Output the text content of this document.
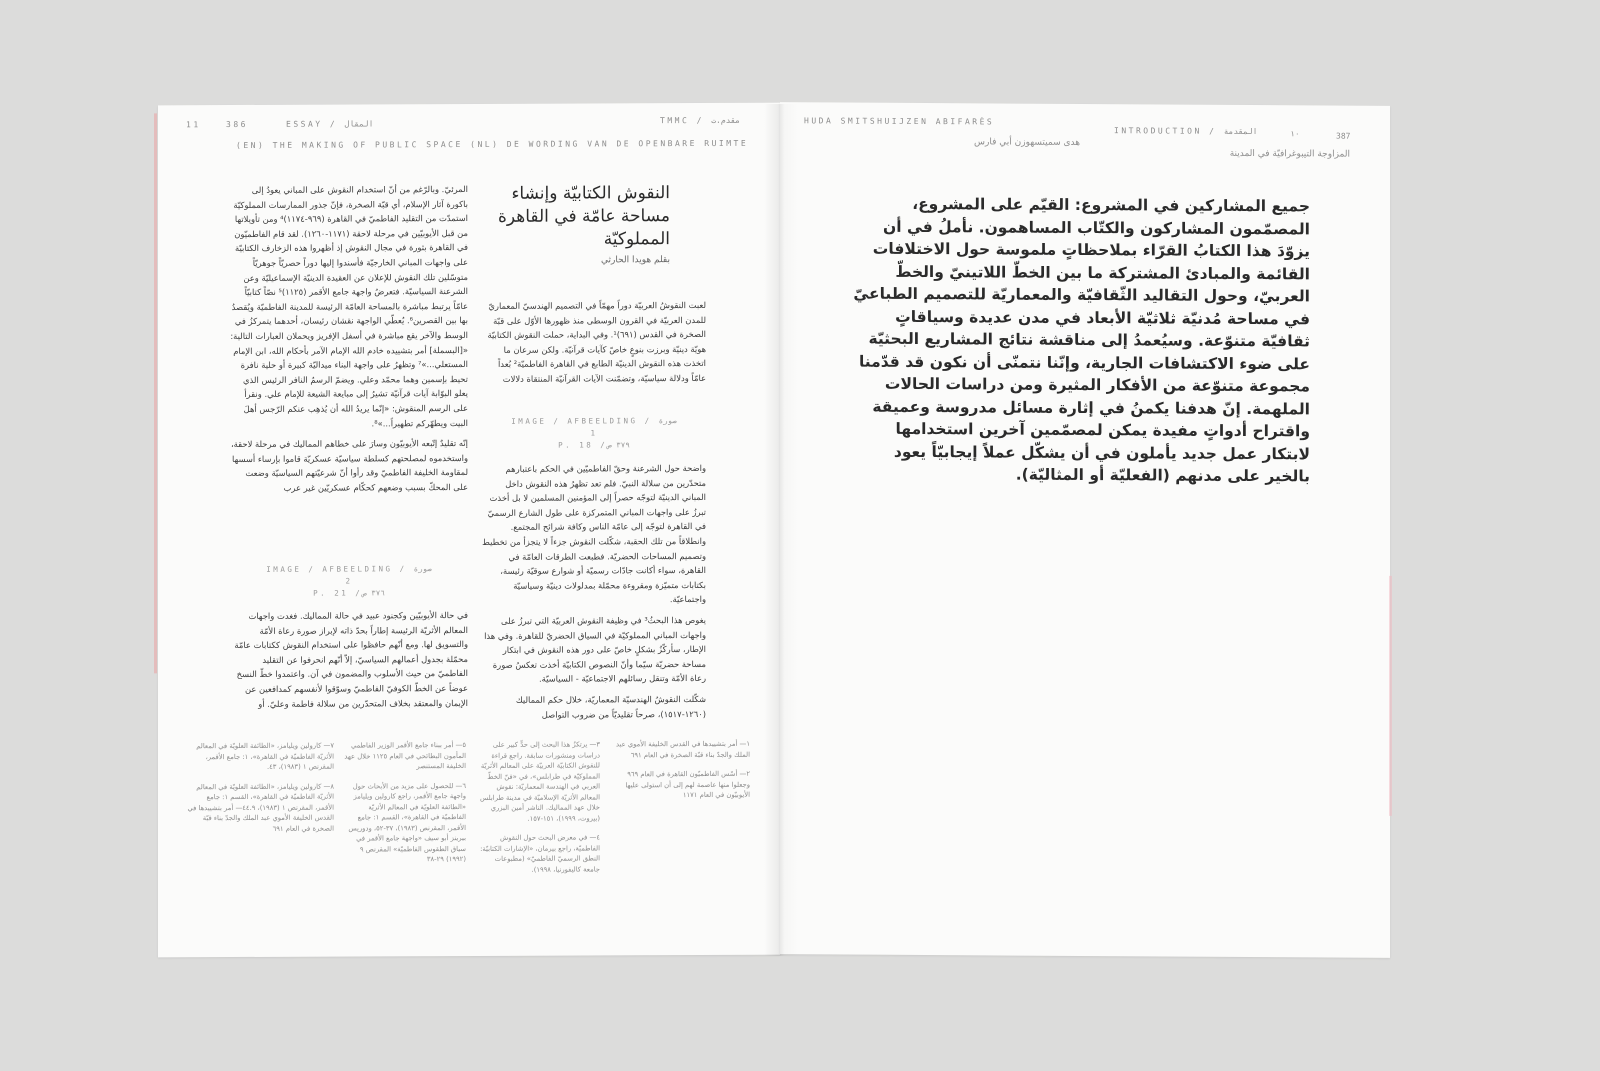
11	386	ESSAY / المقال	TMMC / مقدم.ت
(EN) THE MAKING OF PUBLIC SPACE (NL) DE WORDING VAN DE OPENBARE RUIMTE
النقوش الكتابيّة وإنشاء مساحة عامّة في القاهرة المملوكيّة
بقلم هويدا الحارثي

لعبت النقوشُ العربيّة دوراً مهمّاً في التصميم الهندسيّ المعماريّ للمدن العربيّة في القرون الوسطى منذ ظهورها الأوّل على قبّة الصخرة في القدس (٦٩١)¹. وفي البداية، حملت النقوش الكتابيّة هويّة دينيّة وبرزت بنوعٍ خاصّ كآيات قرآنيّة. ولكن سرعان ما اتخذت هذه النقوش الدينيّة الطابع في القاهرة الفاطميّة² بُعداً عامّاً ودلالة سياسيّة، وتضمّنت الآيات القرآنيّة المنتقاة دلالات

IMAGE / AFBEELDING / صورة
1
P. 18 /٣٧٩ ص

واضحة حول الشرعنة وحقّ الفاطميّين في الحكم باعتبارهم متحدّرين من سلالة النبيّ. فلم تعد تظهرُ هذه النقوش داخل المباني الدينيّة لتوجّه حصراً إلى المؤمنين المسلمين لا بل أخذت تبرزُ على واجهات المباني المتمركزة على طول الشارع الرسميّ في القاهرة لتوجّه إلى عامّة الناس وكافة شرائح المجتمع. وانطلاقاً من تلك الحقبة، شكّلت النقوش جزءاً لا يتجزأ من تخطيط وتصميم المساحات الحضريّة. فطبعت الطرقات العامّة في القاهرة، سواء أكانت جادّات رسميّة أو شوارع سوقيّة رئيسة، بكتابات متميّزة ومقروءة محمّلة بمدلولات دينيّة وسياسيّة واجتماعيّة.

يغوص هذا البحثُ³ في وظيفة النقوش العربيّة التي تبرزُ على واجهات المباني المملوكيّة في السياق الحضريّ للقاهرة. وفي هذا الإطار، سأركّزُ بشكلٍ خاصّ على دور هذه النقوش في ابتكار مساحة حضريّة سيّما وأنّ النصوص الكتابيّة أخذت تعكسُ صورة رعاة الأمّة وتنقل رسائلهم الاجتماعيّة - السياسيّة.

شكّلت النقوشُ الهندسيّة المعماريّة، خلال حكم المماليك (١٢٦٠-١٥١٧)، صرحاً تقليديّاً من ضروب التواصل

المرئيّ. وبالرّغم من أنّ استخدام النقوش على المباني يعودُ إلى باكورة آثار الإسلام، أي قبّة الصخرة، فإنّ جذور الممارسات المملوكيّة استمدّت من التقليد الفاطميّ في القاهرة (٩٦٩-١١٧٤)⁴ ومن تأويلاتها من قبل الأيوبيّين في مرحلة لاحقة (١١٧١-١٢٦٠). لقد قام الفاطميّون في القاهرة بثورة في مجال النقوش إذ أظهروا هذه الزخارف الكتابيّة على واجهات المباني الخارجيّة فأسندوا إليها دوراً حصريّاً جوهريّاً متوسّلين تلك النقوش للإعلان عن العقيدة الدينيّة الإسماعيليّة وعن الشرعنة السياسيّة. فتعرضُ واجهة جامع الأقمر (١١٢٥)⁵ نصّاً كتابيّاً عامّاً يرتبط مباشرة بالمساحة العامّة الرئيسة للمدينة الفاطميّة ويُقصدُ بها بين القصرين⁶. يُعطّي الواجهة نقشان رئيسان، أحدهما يتمركزُ في الوسط والآخر يقع مباشرة في أسفل الإفريز ويحملان العبارات التالية: «[البسملة] أمر بتشييده خادم الله الإمام الآمر بأحكام الله، ابن الإمام المستعلي...»⁷ وتظهرُ على واجهة البناء ميداليّة كبيرة أو حلية نافرة تحيط بإسمين وهما محمّد وعلي. ويضمّ الرسمُ النافر الرئيس الذي يعلو البوّابة آيات قرآنيّة تشيرُ إلى مبايعة الشيعة للإمام علي. ونقرأ على الرسم المنقوش: «إنّما يريدُ الله أن يُذهِب عنكم الرّجس أهلَ البيت ويطهّركم تطهيراً...»⁸.

إنّه تقليدٌ إتّبعه الأيوبيّون وسارَ على خطاهم المماليك في مرحلة لاحقة، واستخدموه لمصلحتهم كسلطة سياسيّة عسكريّة قاموا بإرساء أسسها لمقاومة الخليفة الفاطميّ وقد رأوا أنّ شرعيّتهم السياسيّة وضعت على المحكّ بسبب وضعهم كحكّام عسكريّين غير عرب

IMAGE / AFBEELDING / صورة
2
P. 21 /٣٧٦ ص

في حالة الأيوبيّين وكجنود عبيد في حالة المماليك. فغدت واجهات المعالم الأثريّة الرئيسة إطاراً بحدّ ذاته لإبراز صورة رعاة الأمّة والتسويق لها. ومع أنّهم حافظوا على استخدام النقوش ككتابات عامّة محمّلة بجدول أعمالهم السياسيّ، إلاّ أنّهم انحرفوا عن التقليد الفاطميّ من حيث الأسلوب والمضمون في آن. واعتمدوا خطّ النسخ عوضاً عن الخطّ الكوفيّ الفاطميّ وسوّقوا لأنفسهم كمدافعين عن الإيمان والمعتقد بخلاف المتحدّرين من سلالة فاطمة وعليّ. أو

١— أمر بتشييدها في القدس الخليفة الأموي عبد الملك والجدّ بناء قبّة الصخرة في العام ٦٩١

٢— أسّس الفاطميّون القاهرة في العام ٩٦٩ وجعلوا منها عاصمة لهم إلى أن استولى عليها الأيوبيّون في العام ١١٧١

٣— يرتكزُ هذا البحث إلى حدٍّ كبير على دراسات ومنشورات سابقة. راجع قراءة للنقوش الكتابيّة العربيّة على المعالم الأثريّة المملوكيّة في طرابلس»، في «فنّ الخطّ العربي في الهندسة المعماريّة: نقوش المعالم الأثريّة الإسلاميّة في مدينة طرابلس خلال عهد المماليك. الناشر أمين البزري (بيروت، ١٩٩٩)، ١٥١-١٥٧.

٤— في معرض البحث حول النقوش الفاطميّة، راجع بيرمان، «الإشارات الكتابيّة: النطق الرسميّ الفاطميّ» (مطبوعات جامعة كاليفورنيا، ١٩٩٨).

٥— أمر ببناء جامع الأقمر الوزير الفاطمي المأمون البطائحي في العام ١١٢٥ خلال عهد الخليفة المستنصر

٦— للحصول على مزيد من الأبحاث حول واجهة جامع الأقمر، راجع كارولين ويليامز «الطائفة العلويّة في المعالم الأثريّة الفاطميّة في القاهرة»، القسم ١: جامع الأقمر، المقرنص (١٩٨٣)، ٣٧-٥٢، ودوريس بيرينز أبو سيف «واجهة جامع الأقمر في سياق الطقوس الفاطميّة» المقرنص ٩ (١٩٩٢) ٢٩-٣٨

٧— كارولين ويليامز، «الطائفة العلويّة في المعالم الأثريّة الفاطميّة في القاهرة»، ١: جامع الأقمر، المقرنص ١ (١٩٨٣)، ٤٣.

٨— كارولين ويليامز، «الطائفة العلويّة في المعالم الأثريّة الفاطميّة في القاهرة»، القسم ١: جامع الأقمر، المقرنص ١ (١٩٨٣)، ٤٤.٩— أمر بتشييدها في القدس الخليفة الأموي عبد الملك والجدّ بناء قبّة الصخرة في العام ٦٩١

HUDA SMITSHUIJZEN ABIFARÈS
هدى سميتسهوزن أبي فارس
INTRODUCTION / المقدمة	١٠	387
المزاوجة التيبوغرافيّة في المدينة
جميع المشاركين في المشروع: القيّم على المشروع، المصمّمون المشاركون والكتّاب المساهمون. نأملُ في أن يزوّدَ هذا الكتابُ القرّاء بملاحظاتٍ ملموسة حول الاختلافات القائمة والمبادئ المشتركة ما بين الخطّ اللاتينيّ والخطّ العربيّ، وحول التقاليد الثّقافيّة والمعماريّة للتصميم الطباعيّ في مساحة مُدنيّة ثلاثيّة الأبعاد في مدن عديدة وسياقاتٍ ثقافيّة متنوّعة. وسيُعمدُ إلى مناقشة نتائج المشاريع البحثيّة على ضوء الاكتشافات الجارية، وإنّنا نتمنّى أن نكون قد قدّمنا مجموعة متنوّعة من الأفكار المثيرة ومن دراسات الحالات الملهمة. إنّ هدفنا يكمنُ في إثارة مسائل مدروسة وعميقة واقتراح أدواتٍ مفيدة يمكن لمصمّمين آخرين استخدامها لابتكار عمل جديد يأملون في أن يشكّل عملاً إيجابيّاً يعود بالخير على مدنهم (الفعليّة أو المثاليّة).
